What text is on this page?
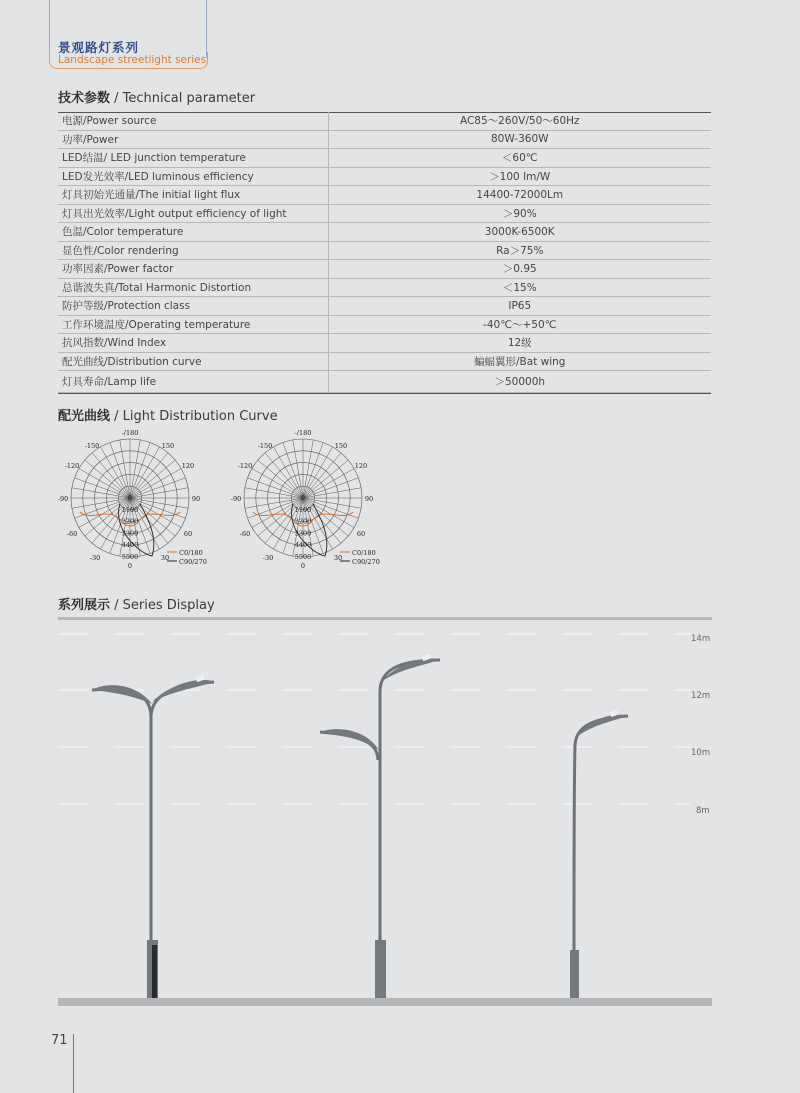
景观路灯系列
Landscape streetlight series
技术参数 / Technical parameter
电源/Power source	AC85～260V/50～60Hz
功率/Power	80W-360W
LED结温/ LED junction temperature	＜60℃
LED发光效率/LED luminous efficiency	＞100 Im/W
灯具初始光通量/The initial light flux	14400-72000Lm
灯具出光效率/Light output efficiency of light	＞90%
色温/Color temperature	3000K-6500K
显色性/Color rendering	Ra＞75%
功率因素/Power factor	＞0.95
总谐波失真/Total Harmonic Distortion	＜15%
防护等级/Protection class	IP65
工作环境温度/Operating temperature	-40℃～+50℃
抗风指数/Wind Index	12级
配光曲线/Distribution curve	蝙蝠翼形/Bat wing
灯具寿命/Lamp life	＞50000h
配光曲线 / Light Distribution Curve
-/180
150
-150
120
-120
90
-90
60
-60
30
-30
0
0
1100
2200
3300
4400
5500	C0/180
C90/270
-/180
150
-150
120
-120
90
-90
60
-60
30
-30
0
0
1100
2200
3300
4400
5500	C0/180
C90/270
系列展示 / Series Display
14m
12m
10m
8m
71
